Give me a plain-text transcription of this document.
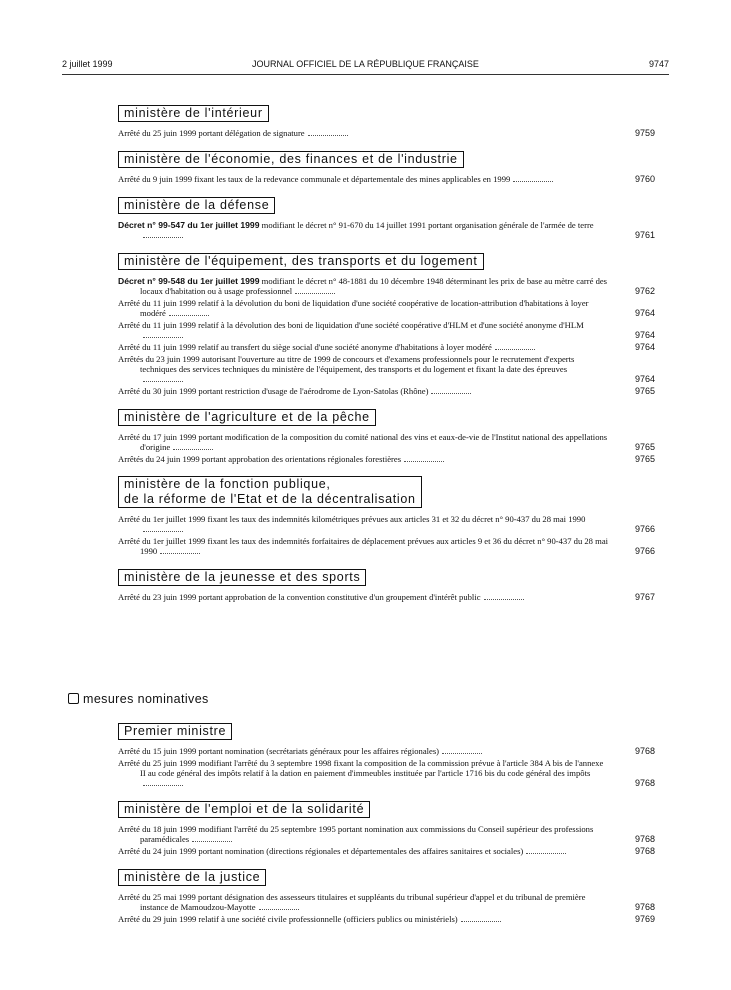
2 juillet 1999	JOURNAL OFFICIEL DE LA RÉPUBLIQUE FRANÇAISE	9747
ministère de l'intérieur
Arrêté du 25 juin 1999 portant délégation de signature	9759
ministère de l'économie, des finances et de l'industrie
Arrêté du 9 juin 1999 fixant les taux de la redevance communale et départementale des mines applicables en 1999	9760
ministère de la défense
Décret n° 99-547 du 1er juillet 1999 modifiant le décret n° 91-670 du 14 juillet 1991 portant organisation générale de l'armée de terre
9761
ministère de l'équipement, des transports et du logement
Décret n° 99-548 du 1er juillet 1999 modifiant le décret n° 48-1881 du 10 décembre 1948 déterminant les prix de base au mètre carré des locaux d'habitation ou à usage professionnel	9762
Arrêté du 11 juin 1999 relatif à la dévolution du boni de liquidation d'une société coopérative de location-attribution d'habitations à loyer modéré	9764
Arrêté du 11 juin 1999 relatif à la dévolution des boni de liquidation d'une société coopérative d'HLM et d'une société anonyme d'HLM
9764
Arrêté du 11 juin 1999 relatif au transfert du siège social d'une société anonyme d'habitations à loyer modéré	9764
Arrêtés du 23 juin 1999 autorisant l'ouverture au titre de 1999 de concours et d'examens professionnels pour le recrutement d'experts techniques des services techniques du ministère de l'équipement, des transports et du logement et fixant la date des épreuves
9764
Arrêté du 30 juin 1999 portant restriction d'usage de l'aérodrome de Lyon-Satolas (Rhône)	9765
ministère de l'agriculture et de la pêche
Arrêté du 17 juin 1999 portant modification de la composition du comité national des vins et eaux-de-vie de l'Institut national des appellations d'origine	9765
Arrêtés du 24 juin 1999 portant approbation des orientations régionales forestières	9765
ministère de la fonction publique,
de la réforme de l'Etat et de la décentralisation
Arrêté du 1er juillet 1999 fixant les taux des indemnités kilométriques prévues aux articles 31 et 32 du décret n° 90-437 du 28 mai 1990
9766
Arrêté du 1er juillet 1999 fixant les taux des indemnités forfaitaires de déplacement prévues aux articles 9 et 36 du décret n° 90-437 du 28 mai 1990	9766
ministère de la jeunesse et des sports
Arrêté du 23 juin 1999 portant approbation de la convention constitutive d'un groupement d'intérêt public	9767
mesures nominatives
Premier ministre
Arrêté du 15 juin 1999 portant nomination (secrétariats généraux pour les affaires régionales)	9768
Arrêté du 25 juin 1999 modifiant l'arrêté du 3 septembre 1998 fixant la composition de la commission prévue à l'article 384 A bis de l'annexe II au code général des impôts relatif à la dation en paiement d'immeubles instituée par l'article 1716 bis du code général des impôts
9768
ministère de l'emploi et de la solidarité
Arrêté du 18 juin 1999 modifiant l'arrêté du 25 septembre 1995 portant nomination aux commissions du Conseil supérieur des professions paramédicales	9768
Arrêté du 24 juin 1999 portant nomination (directions régionales et départementales des affaires sanitaires et sociales)	9768
ministère de la justice
Arrêté du 25 mai 1999 portant désignation des assesseurs titulaires et suppléants du tribunal supérieur d'appel et du tribunal de première instance de Mamoudzou-Mayotte	9768
Arrêté du 29 juin 1999 relatif à une société civile professionnelle (officiers publics ou ministériels)	9769
